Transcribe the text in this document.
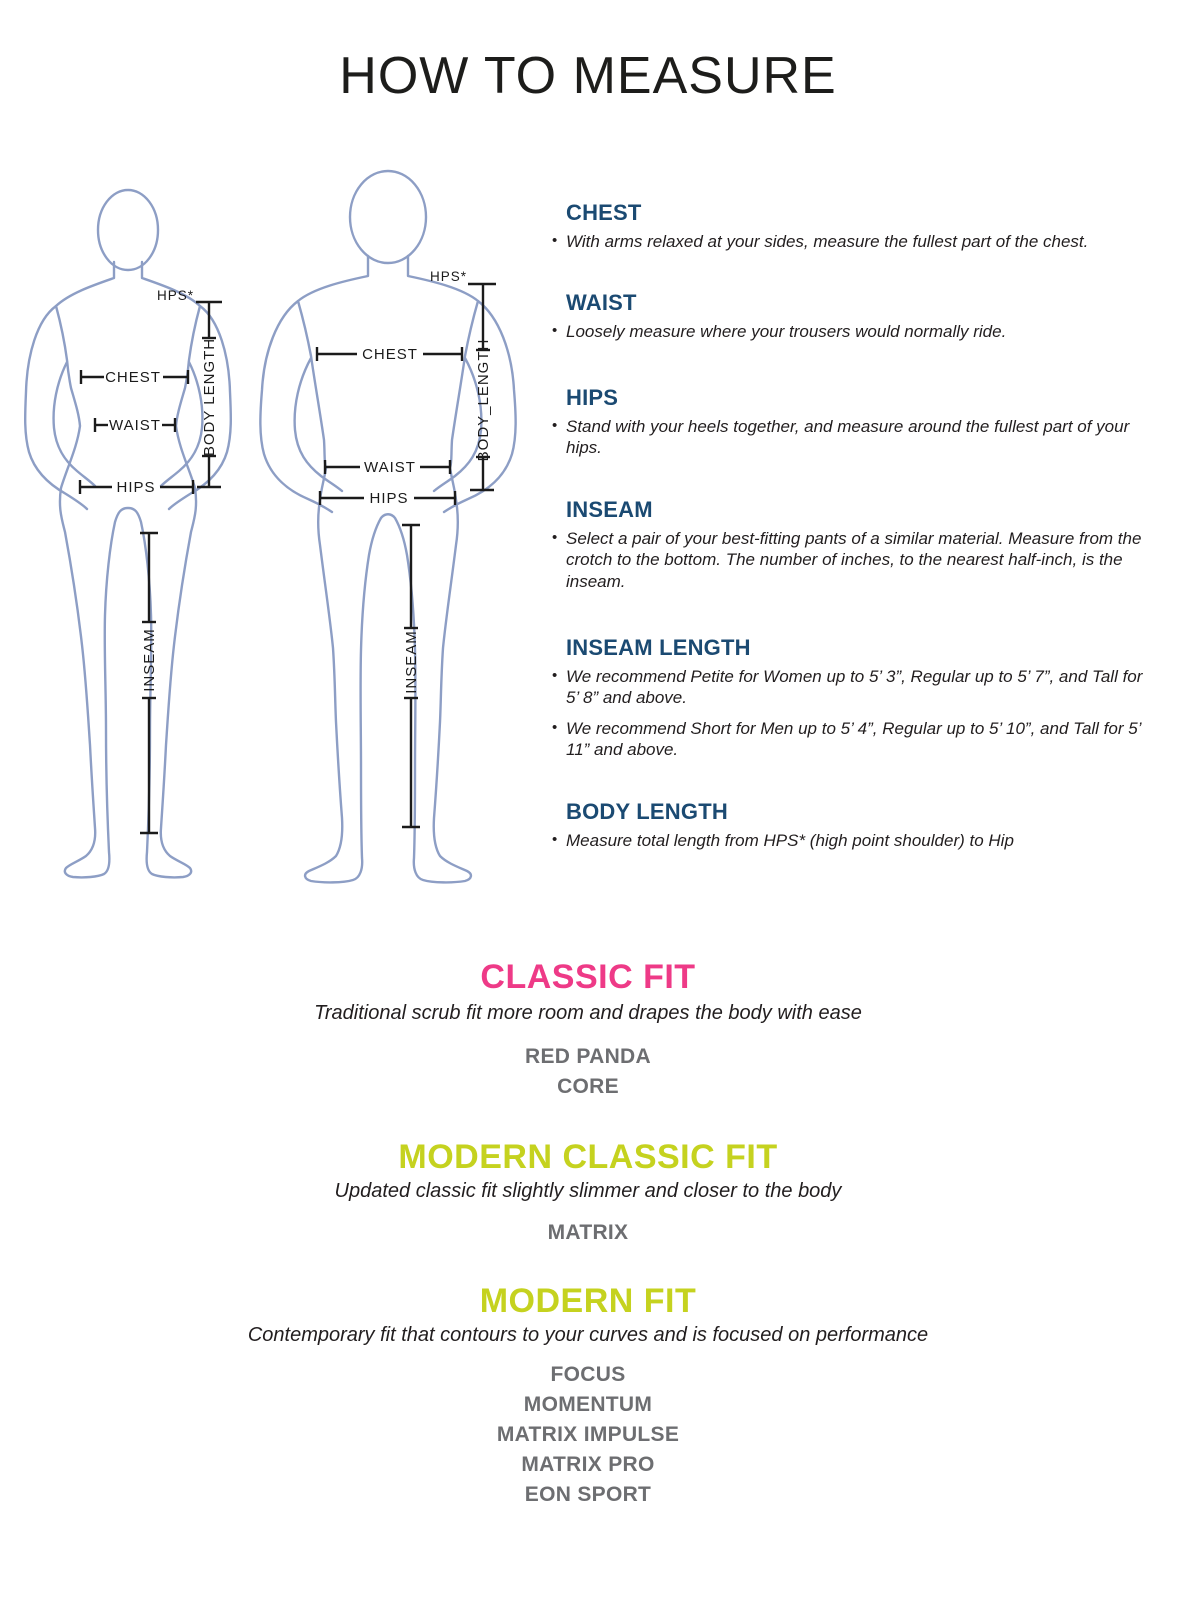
HOW TO MEASURE
HPS*
CHEST
WAIST
HIPS
BODY LENGTH
INSEAM
HPS*
CHEST
WAIST
HIPS
BODY_LENGTH
INSEAM
CHEST

• With arms relaxed at your sides, measure the fullest part of the chest.

WAIST

• Loosely measure where your trousers would normally ride.

HIPS

• Stand with your heels together, and measure around the fullest part of your hips.

INSEAM

• Select a pair of your best-fitting pants of a similar material. Measure from the crotch to the bottom. The number of inches, to the nearest half-inch, is the inseam.

INSEAM LENGTH

• We recommend Petite for Women up to 5’ 3”, Regular up to 5’ 7”, and Tall for 5’ 8” and above.

• We recommend Short for Men up to 5’ 4”, Regular up to 5’ 10”, and Tall for 5’ 11” and above.

BODY LENGTH

• Measure total length from HPS* (high point shoulder) to Hip

CLASSIC FIT
Traditional scrub fit more room and drapes the body with ease
RED PANDA
CORE
MODERN CLASSIC FIT
Updated classic fit slightly slimmer and closer to the body
MATRIX
MODERN FIT
Contemporary fit that contours to your curves and is focused on performance
FOCUS
MOMENTUM
MATRIX IMPULSE
MATRIX PRO
EON SPORT
